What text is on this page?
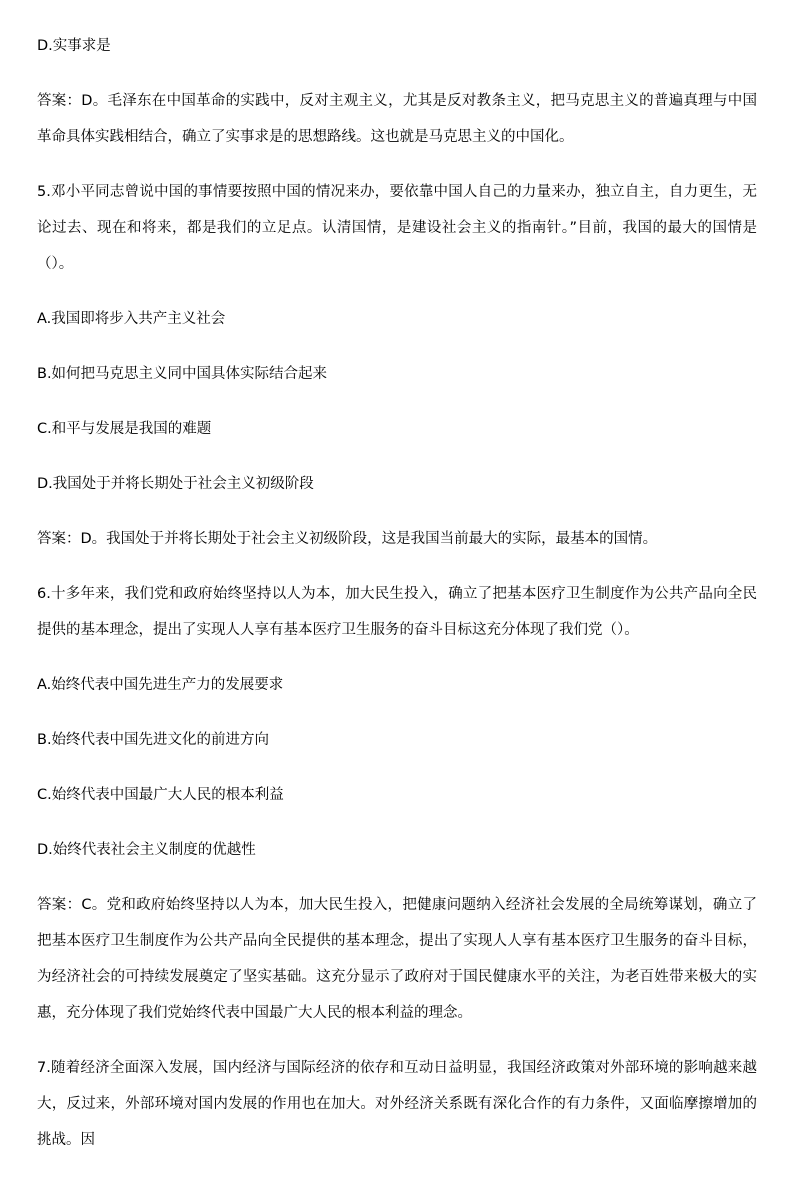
D.实事求是

答案：D。毛泽东在中国革命的实践中，反对主观主义，尤其是反对教条主义，把马克思主义的普遍真理与中国革命具体实践相结合，确立了实事求是的思想路线。这也就是马克思主义的中国化。

5.邓小平同志曾说中国的事情要按照中国的情况来办，要依靠中国人自己的力量来办，独立自主，自力更生，无论过去、现在和将来，都是我们的立足点。认清国情，是建设社会主义的指南针。”目前，我国的最大的国情是（）。

A.我国即将步入共产主义社会

B.如何把马克思主义同中国具体实际结合起来

C.和平与发展是我国的难题

D.我国处于并将长期处于社会主义初级阶段

答案：D。我国处于并将长期处于社会主义初级阶段，这是我国当前最大的实际，最基本的国情。

6.十多年来，我们党和政府始终坚持以人为本，加大民生投入，确立了把基本医疗卫生制度作为公共产品向全民提供的基本理念，提出了实现人人享有基本医疗卫生服务的奋斗目标这充分体现了我们党（）。

A.始终代表中国先进生产力的发展要求

B.始终代表中国先进文化的前进方向

C.始终代表中国最广大人民的根本利益

D.始终代表社会主义制度的优越性

答案：C。党和政府始终坚持以人为本，加大民生投入，把健康问题纳入经济社会发展的全局统筹谋划，确立了把基本医疗卫生制度作为公共产品向全民提供的基本理念，提出了实现人人享有基本医疗卫生服务的奋斗目标，为经济社会的可持续发展奠定了坚实基础。这充分显示了政府对于国民健康水平的关注，为老百姓带来极大的实惠，充分体现了我们党始终代表中国最广大人民的根本利益的理念。

7.随着经济全面深入发展，国内经济与国际经济的依存和互动日益明显，我国经济政策对外部环境的影响越来越大，反过来，外部环境对国内发展的作用也在加大。对外经济关系既有深化合作的有力条件，又面临摩擦增加的挑战。因
